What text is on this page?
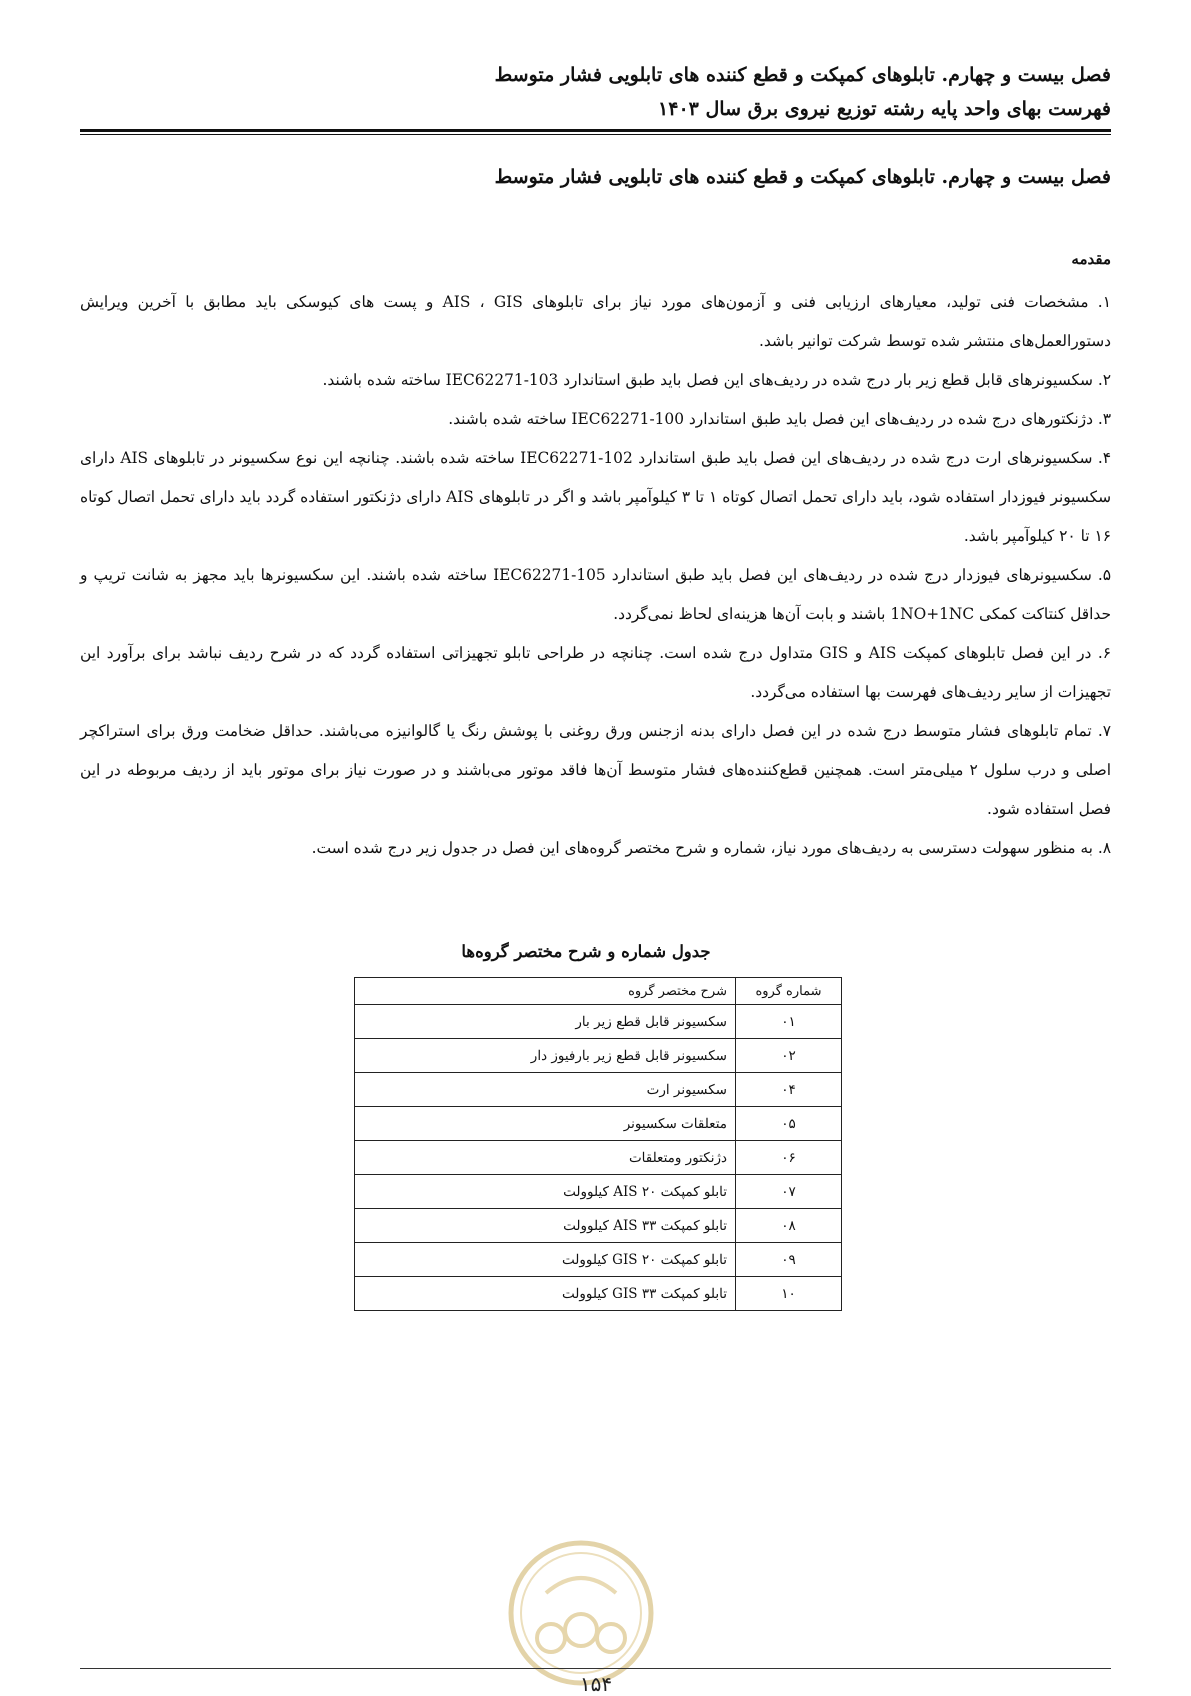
فصل بیست و چهارم. تابلوهای کمپکت و قطع کننده های تابلویی فشار متوسط
فهرست بهای واحد پایه رشته توزیع نیروی برق سال ۱۴۰۳
فصل بیست و چهارم. تابلوهای کمپکت و قطع کننده های تابلویی فشار متوسط
مقدمه

۱. مشخصات فنی تولید، معیارهای ارزیابی فنی و آزمون‌های مورد نیاز برای تابلوهای AIS ، GIS و پست های کیوسکی باید مطابق با آخرین ویرایش دستورالعمل‌های منتشر شده توسط شرکت توانیر باشد.

۲. سکسیونرهای قابل قطع زیر بار درج شده در ردیف‌های این فصل باید طبق استاندارد IEC62271-103 ساخته شده باشند.

۳. دژنکتورهای درج شده در ردیف‌های این فصل باید طبق استاندارد IEC62271-100 ساخته شده باشند.

۴. سکسیونرهای ارت درج شده در ردیف‌های این فصل باید طبق استاندارد IEC62271-102 ساخته شده باشند. چنانچه این نوع سکسیونر در تابلوهای AIS دارای سکسیونر فیوزدار استفاده شود، باید دارای تحمل اتصال کوتاه ۱ تا ۳ کیلوآمپر باشد و اگر در تابلوهای AIS دارای دژنکتور استفاده گردد باید دارای تحمل اتصال کوتاه ۱۶ تا ۲۰ کیلوآمپر باشد.

۵. سکسیونرهای فیوزدار درج شده در ردیف‌های این فصل باید طبق استاندارد IEC62271-105 ساخته شده باشند. این سکسیونرها باید مجهز به شانت تریپ و حداقل کنتاکت کمکی 1NO+1NC باشند و بابت آن‌ها هزینه‌ای لحاظ نمی‌گردد.

۶. در این فصل تابلوهای کمپکت AIS و GIS متداول درج شده است. چنانچه در طراحی تابلو تجهیزاتی استفاده گردد که در شرح ردیف نباشد برای برآورد این تجهیزات از سایر ردیف‌های فهرست بها استفاده می‌گردد.

۷. تمام تابلوهای فشار متوسط درج شده در این فصل دارای بدنه ازجنس ورق روغنی با پوشش رنگ یا گالوانیزه می‌باشند. حداقل ضخامت ورق برای استراکچر اصلی و درب سلول ۲ میلی‌متر است. همچنین قطع‌کننده‌های فشار متوسط آن‌ها فاقد موتور می‌باشند و در صورت نیاز برای موتور باید از ردیف مربوطه در این فصل استفاده شود.

۸. به منظور سهولت دسترسی به ردیف‌های مورد نیاز، شماره و شرح مختصر گروه‌های این فصل در جدول زیر درج شده است.

جدول شماره و شرح مختصر گروه‌ها
شماره گروه	شرح مختصر گروه
۰۱	سکسیونر قابل قطع زیر بار
۰۲	سکسیونر قابل قطع زیر بارفیوز دار
۰۴	سکسیونر ارت
۰۵	متعلقات سکسیونر
۰۶	دژنکتور ومتعلقات
۰۷	تابلو کمپکت AIS ۲۰ کیلوولت
۰۸	تابلو کمپکت AIS ۳۳ کیلوولت
۰۹	تابلو کمپکت GIS ۲۰ کیلوولت
۱۰	تابلو کمپکت GIS ۳۳ کیلوولت
۱۵۴
